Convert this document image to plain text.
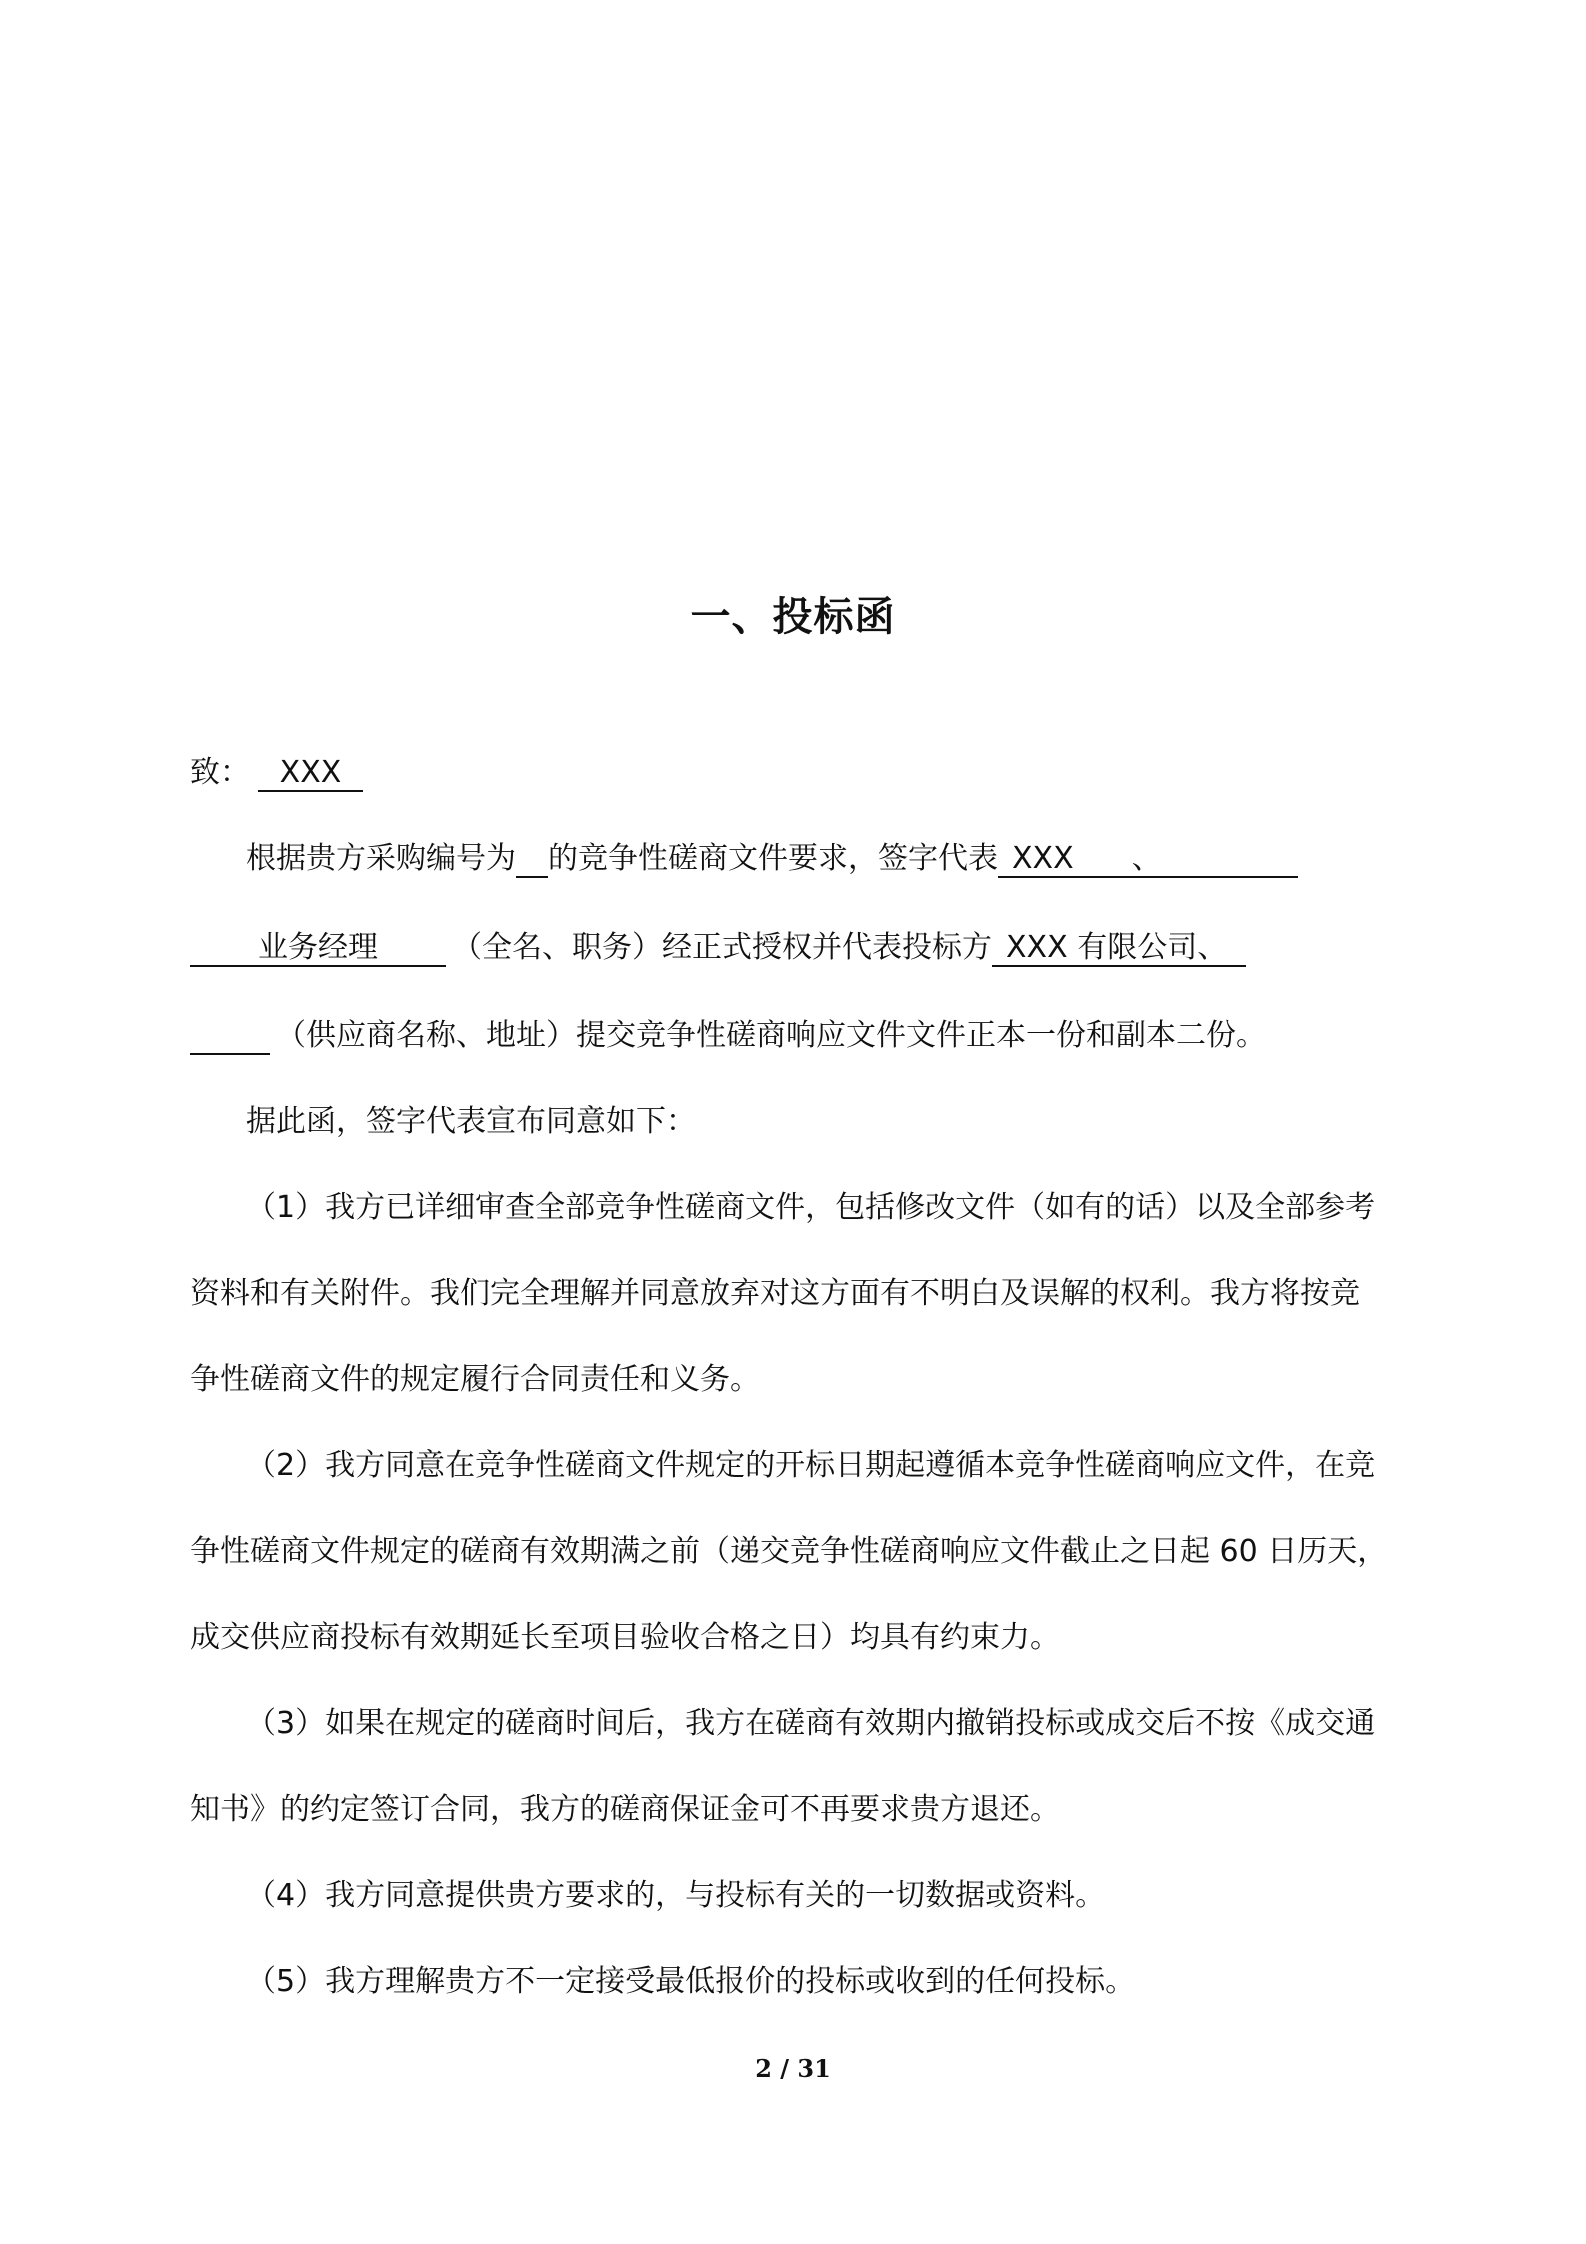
一、投标函
致： XXX
根据贵方采购编号为 的竞争性磋商文件要求，签字代表 XXX 、
业务经理 （全名、职务）经正式授权并代表投标方 XXX 有限公司、
（供应商名称、地址）提交竞争性磋商响应文件文件正本一份和副本二份。
据此函，签字代表宣布同意如下：
（1）我方已详细审查全部竞争性磋商文件，包括修改文件（如有的话）以及全部参考
资料和有关附件。我们完全理解并同意放弃对这方面有不明白及误解的权利。我方将按竞
争性磋商文件的规定履行合同责任和义务。
（2）我方同意在竞争性磋商文件规定的开标日期起遵循本竞争性磋商响应文件，在竞
争性磋商文件规定的磋商有效期满之前（递交竞争性磋商响应文件截止之日起 60 日历天，
成交供应商投标有效期延长至项目验收合格之日）均具有约束力。
（3）如果在规定的磋商时间后，我方在磋商有效期内撤销投标或成交后不按《成交通
知书》的约定签订合同，我方的磋商保证金可不再要求贵方退还。
（4）我方同意提供贵方要求的，与投标有关的一切数据或资料。
（5）我方理解贵方不一定接受最低报价的投标或收到的任何投标。
2 / 31
